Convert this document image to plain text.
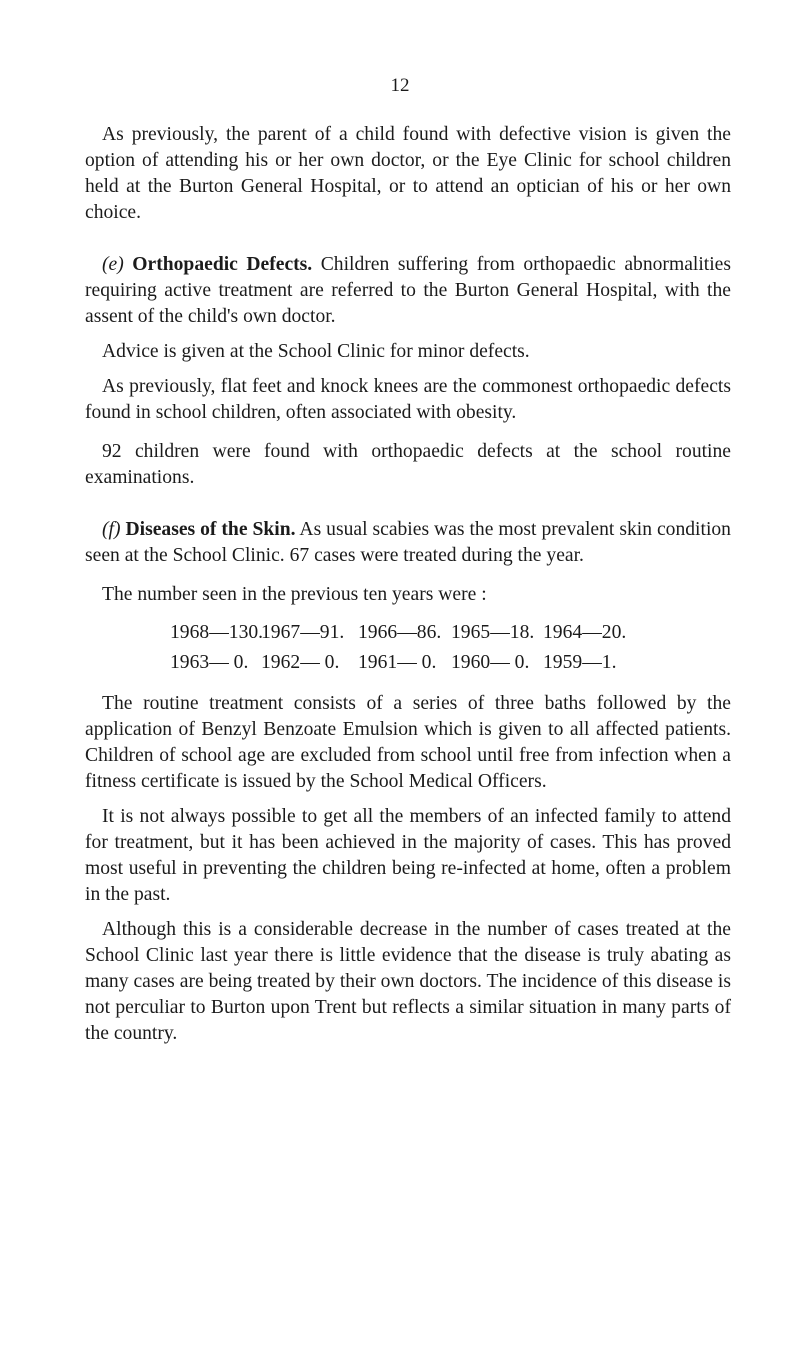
12

As previously, the parent of a child found with defective vision is given the option of attending his or her own doctor, or the Eye Clinic for school children held at the Burton General Hospital, or to attend an optician of his or her own choice.

(e) Orthopaedic Defects. Children suffering from orthopaedic abnormalities requiring active treatment are referred to the Burton General Hospital, with the assent of the child's own doctor.

Advice is given at the School Clinic for minor defects.

As previously, flat feet and knock knees are the commonest orthopaedic defects found in school children, often associated with obesity.

92 children were found with orthopaedic defects at the school routine examinations.

(f) Diseases of the Skin. As usual scabies was the most prevalent skin condition seen at the School Clinic. 67 cases were treated during the year.

The number seen in the previous ten years were :

1968—130.
1967—91. 1966—86. 1965—18. 1964—20.
1963— 0. 1962— 0. 1961— 0. 1960— 0. 1959—1.

The routine treatment consists of a series of three baths followed by the application of Benzyl Benzoate Emulsion which is given to all affected patients. Children of school age are excluded from school until free from infection when a fitness certificate is issued by the School Medical Officers.

It is not always possible to get all the members of an infected family to attend for treatment, but it has been achieved in the majority of cases. This has proved most useful in preventing the children being re-infected at home, often a problem in the past.

Although this is a considerable decrease in the number of cases treated at the School Clinic last year there is little evidence that the disease is truly abating as many cases are being treated by their own doctors. The incidence of this disease is not perculiar to Burton upon Trent but reflects a similar situation in many parts of the country.
